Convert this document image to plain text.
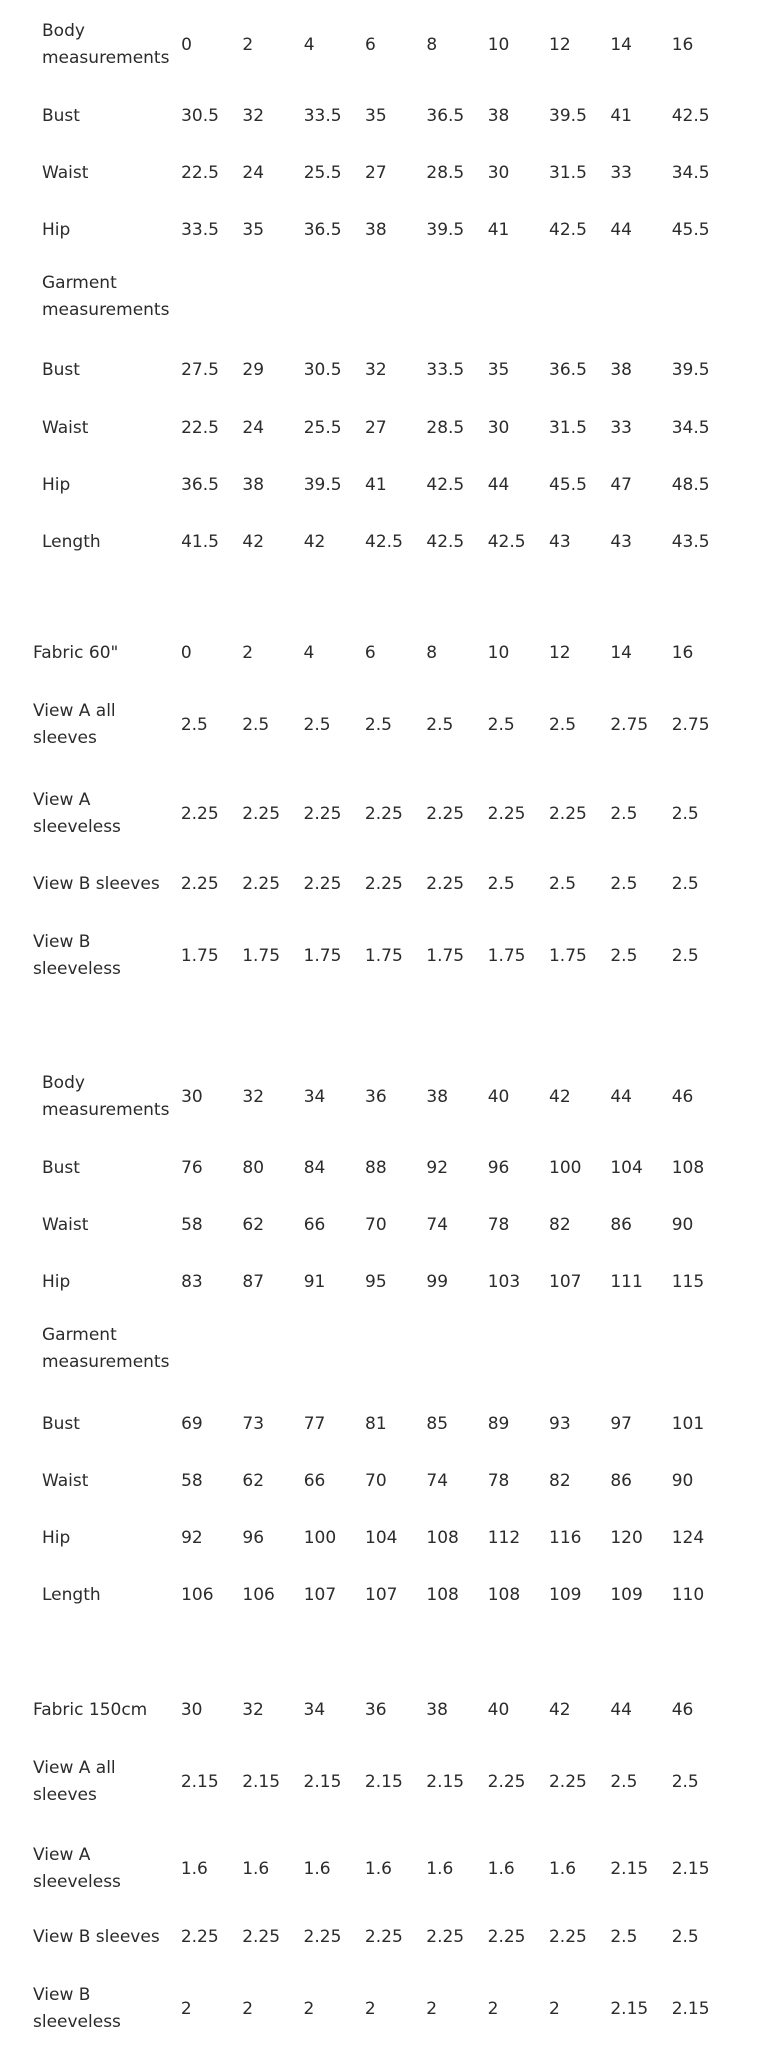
Body
measurements
0	2	4	6	8	10	12	14	16
Bust	30.5	32	33.5	35	36.5	38	39.5	41	42.5
Waist	22.5	24	25.5	27	28.5	30	31.5	33	34.5
Hip	33.5	35	36.5	38	39.5	41	42.5	44	45.5
Garment
measurements
Bust	27.5	29	30.5	32	33.5	35	36.5	38	39.5
Waist	22.5	24	25.5	27	28.5	30	31.5	33	34.5
Hip	36.5	38	39.5	41	42.5	44	45.5	47	48.5
Length	41.5	42	42	42.5	42.5	42.5	43	43	43.5
Fabric 60"	0	2	4	6	8	10	12	14	16
View A all
sleeves
2.5	2.5	2.5	2.5	2.5	2.5	2.5	2.75	2.75
View A
sleeveless
2.25	2.25	2.25	2.25	2.25	2.25	2.25	2.5	2.5
View B sleeves	2.25	2.25	2.25	2.25	2.25	2.5	2.5	2.5	2.5
View B
sleeveless
1.75	1.75	1.75	1.75	1.75	1.75	1.75	2.5	2.5
Body
measurements
30	32	34	36	38	40	42	44	46
Bust	76	80	84	88	92	96	100	104	108
Waist	58	62	66	70	74	78	82	86	90
Hip	83	87	91	95	99	103	107	111	115
Garment
measurements
Bust	69	73	77	81	85	89	93	97	101
Waist	58	62	66	70	74	78	82	86	90
Hip	92	96	100	104	108	112	116	120	124
Length	106	106	107	107	108	108	109	109	110
Fabric 150cm	30	32	34	36	38	40	42	44	46
View A all
sleeves
2.15	2.15	2.15	2.15	2.15	2.25	2.25	2.5	2.5
View A
sleeveless
1.6	1.6	1.6	1.6	1.6	1.6	1.6	2.15	2.15
View B sleeves	2.25	2.25	2.25	2.25	2.25	2.25	2.25	2.5	2.5
View B
sleeveless
2	2	2	2	2	2	2	2.15	2.15
